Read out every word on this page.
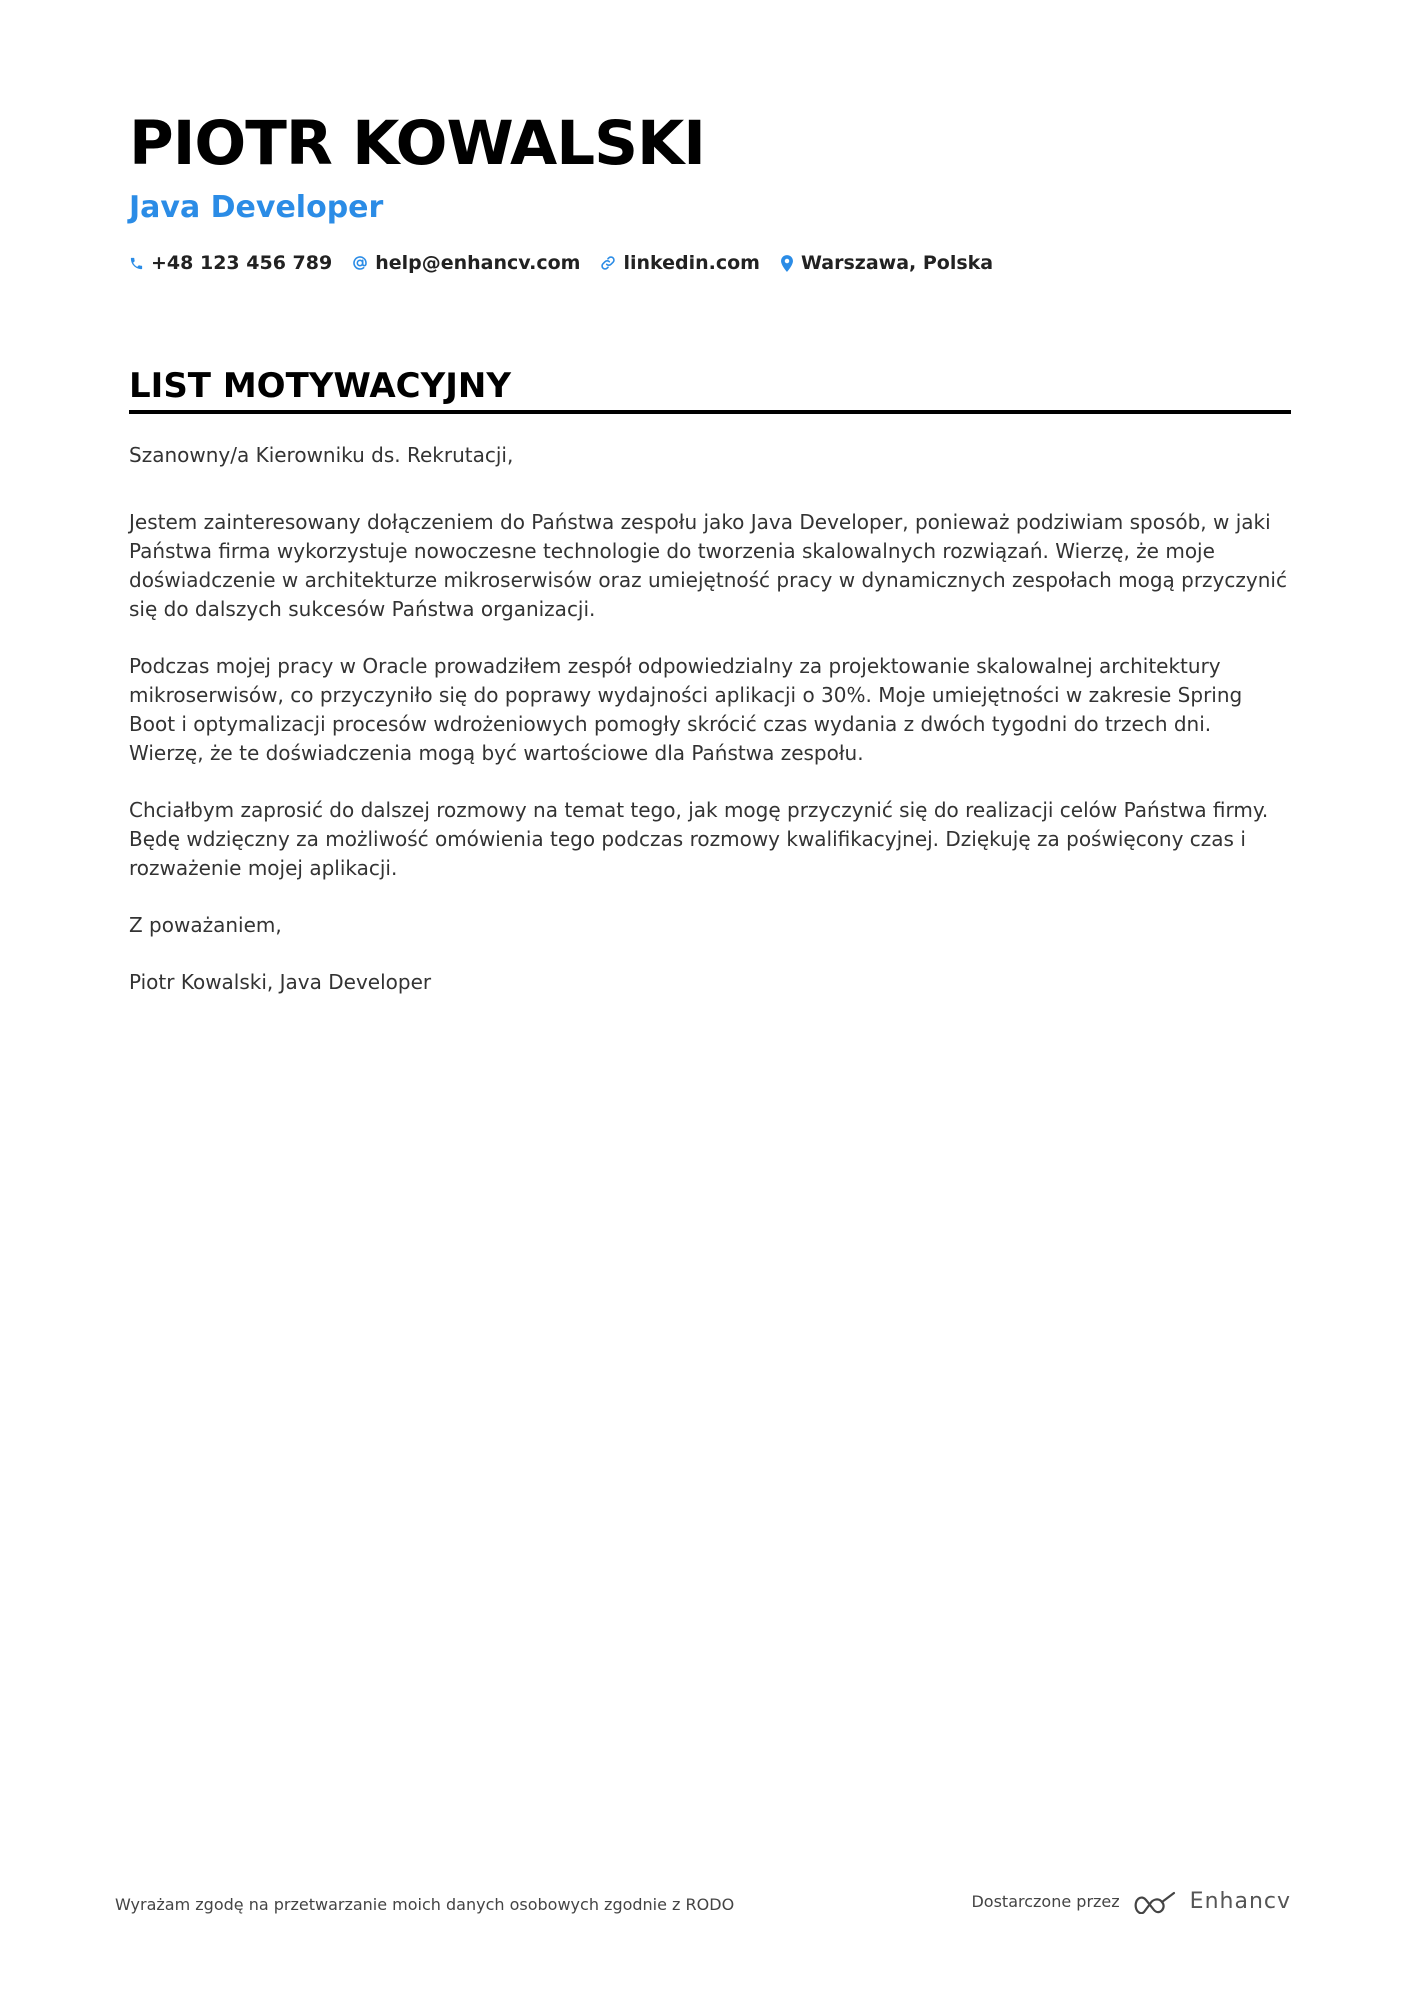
PIOTR KOWALSKI
Java Developer
+48 123 456 789 help@enhancv.com linkedin.com Warszawa, Polska
LIST MOTYWACYJNY

Szanowny/a Kierowniku ds. Rekrutacji,

Jestem zainteresowany dołączeniem do Państwa zespołu jako Java Developer, ponieważ podziwiam sposób, w jaki Państwa firma wykorzystuje nowoczesne technologie do tworzenia skalowalnych rozwiązań. Wierzę, że moje doświadczenie w architekturze mikroserwisów oraz umiejętność pracy w dynamicznych zespołach mogą przyczynić się do dalszych sukcesów Państwa organizacji.

Podczas mojej pracy w Oracle prowadziłem zespół odpowiedzialny za projektowanie skalowalnej architektury mikroserwisów, co przyczyniło się do poprawy wydajności aplikacji o 30%. Moje umiejętności w zakresie Spring Boot i optymalizacji procesów wdrożeniowych pomogły skrócić czas wydania z dwóch tygodni do trzech dni. Wierzę, że te doświadczenia mogą być wartościowe dla Państwa zespołu.

Chciałbym zaprosić do dalszej rozmowy na temat tego, jak mogę przyczynić się do realizacji celów Państwa firmy. Będę wdzięczny za możliwość omówienia tego podczas rozmowy kwalifikacyjnej. Dziękuję za poświęcony czas i rozważenie mojej aplikacji.

Z poważaniem,

Piotr Kowalski, Java Developer

Wyrażam zgodę na przetwarzanie moich danych osobowych zgodnie z RODO	Dostarczone przez	Enhancv
